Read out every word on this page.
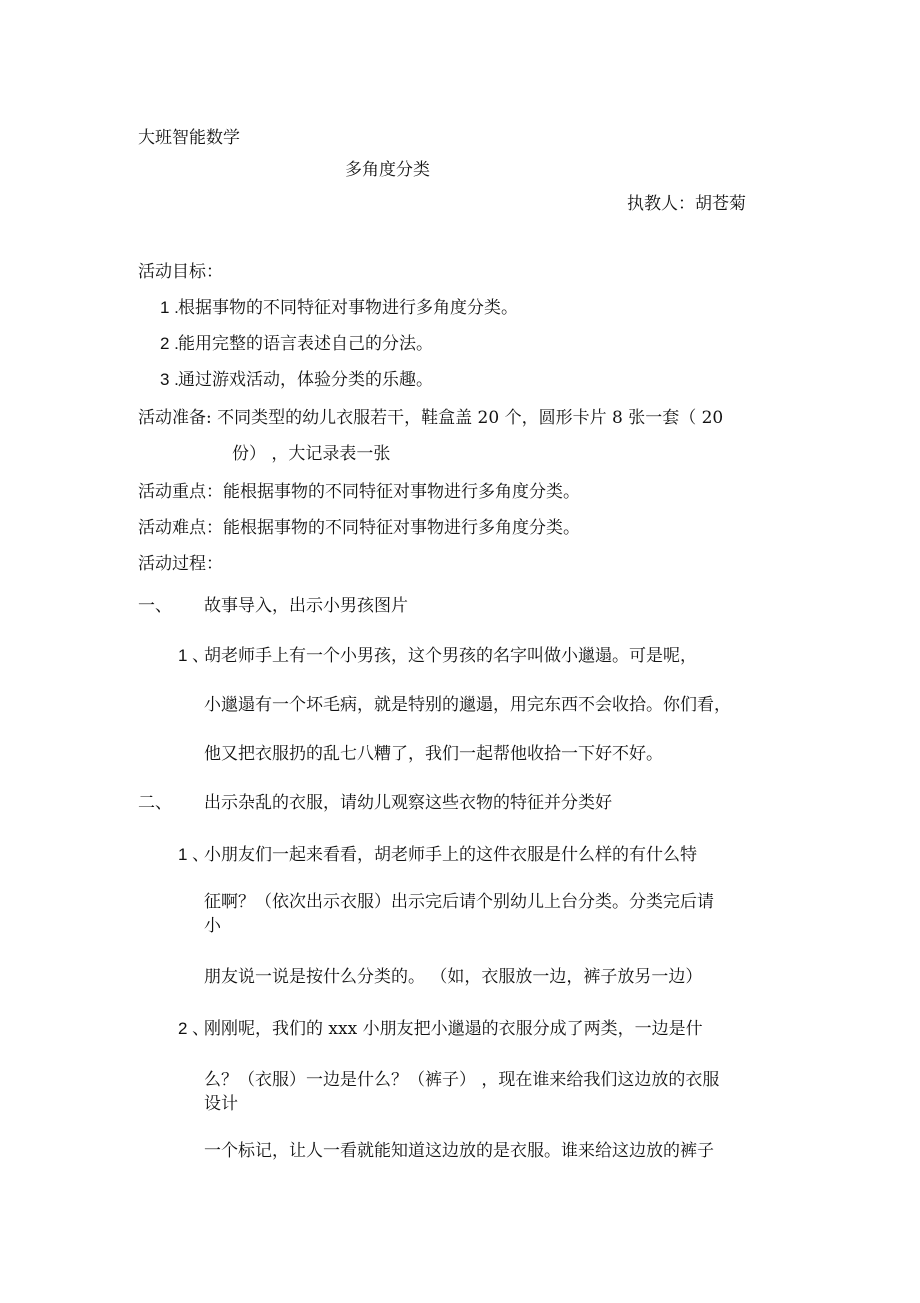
大班智能数学
多角度分类
执教人：胡苍菊
活动目标：
1 .根据事物的不同特征对事物进行多角度分类。
2 .能用完整的语言表述自己的分法。
3 .通过游戏活动，体验分类的乐趣。
活动准备: 不同类型的幼儿衣服若干，鞋盒盖 20 个，圆形卡片 8 张一套（ 20
份） ，大记录表一张
活动重点：能根据事物的不同特征对事物进行多角度分类。
活动难点：能根据事物的不同特征对事物进行多角度分类。
活动过程：
一、 故事导入，出示小男孩图片
1 、胡老师手上有一个小男孩，这个男孩的名字叫做小邋遢。可是呢，
小邋遢有一个坏毛病，就是特别的邋遢，用完东西不会收拾。你们看，
他又把衣服扔的乱七八糟了，我们一起帮他收拾一下好不好。
二、 出示杂乱的衣服，请幼儿观察这些衣物的特征并分类好
1 、小朋友们一起来看看，胡老师手上的这件衣服是什么样的有什么特
征啊？（依次出示衣服）出示完后请个别幼儿上台分类。分类完后请
小
朋友说一说是按什么分类的。 （如，衣服放一边，裤子放另一边）
2 、刚刚呢，我们的 xxx 小朋友把小邋遢的衣服分成了两类，一边是什
么？（衣服）一边是什么？（裤子） ，现在谁来给我们这边放的衣服
设计
一个标记，让人一看就能知道这边放的是衣服。谁来给这边放的裤子
